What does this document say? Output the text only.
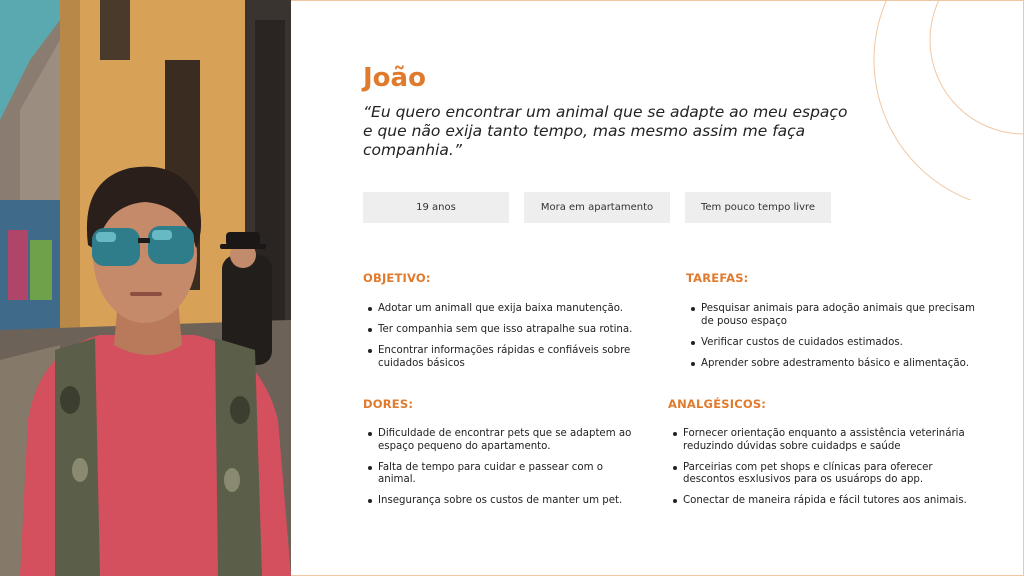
João

“Eu quero encontrar um animal que se adapte ao meu espaço e que não exija tanto tempo, mas mesmo assim me faça companhia.”

19 anos	Mora em apartamento	Tem pouco tempo livre
OBJETIVO:
Adotar um animall que exija baixa manutenção.
Ter companhia sem que isso atrapalhe sua rotina.
Encontrar informações rápidas e confiáveis sobre cuidados básicos
TAREFAS:
Pesquisar animais para adoção animais que precisam de pouso espaço
Verificar custos de cuidados estimados.
Aprender sobre adestramento básico e alimentação.
DORES:
Dificuldade de encontrar pets que se adaptem ao espaço pequeno do apartamento.
Falta de tempo para cuidar e passear com o animal.
Insegurança sobre os custos de manter um pet.
ANALGÉSICOS:
Fornecer orientação enquanto a assistência veterinária reduzindo dúvidas sobre cuidadps e saúde
Parceirias com pet shops e clínicas para oferecer descontos esxlusivos para os usuárops do app.
Conectar de maneira rápida e fácil tutores aos animais.
